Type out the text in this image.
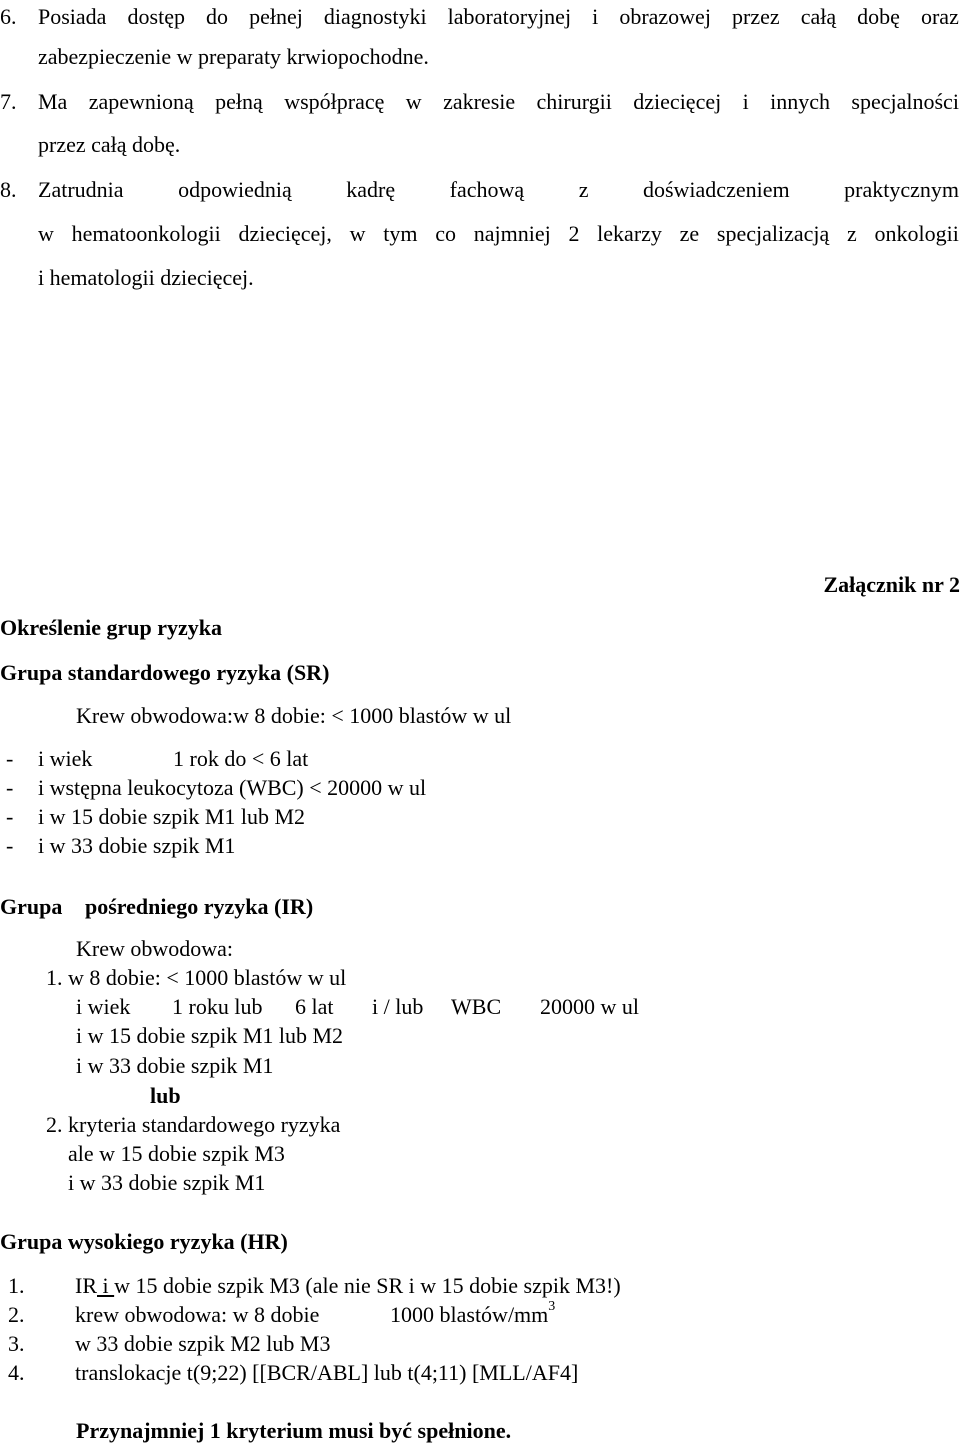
6. Posiada dostęp do pełnej diagnostyki laboratoryjnej i obrazowej przez całą dobę oraz
zabezpieczenie w preparaty krwiopochodne.
7. Ma zapewnioną pełną współpracę w zakresie chirurgii dziecięcej i innych specjalności
przez całą dobę.
8. Zatrudnia odpowiednią kadrę fachową z doświadczeniem praktycznym
w hematoonkologii dziecięcej, w tym co najmniej 2 lekarzy ze specjalizacją z onkologii
i hematologii dziecięcej.
Załącznik nr 2
Określenie grup ryzyka
Grupa standardowego ryzyka (SR)
Krew obwodowa:w 8 dobie: < 1000 blastów w ul
- i wiek	1 rok do < 6 lat
- i wstępna leukocytoza (WBC) < 20000 w ul
- i w 15 dobie szpik M1 lub M2
- i w 33 dobie szpik M1
Grupa pośredniego ryzyka (IR)
Krew obwodowa:
1. w 8 dobie: < 1000 blastów w ul
i wiek 1 roku lub 6 lat i / lub WBC 20000 w ul
i w 15 dobie szpik M1 lub M2
i w 33 dobie szpik M1
lub
2. kryteria standardowego ryzyka
ale w 15 dobie szpik M3
i w 33 dobie szpik M1
Grupa wysokiego ryzyka (HR)
1. IR i w 15 dobie szpik M3 (ale nie SR i w 15 dobie szpik M3!)
2. krew obwodowa: w 8 dobie	1000 blastów/$mm^3$
3. w 33 dobie szpik M2 lub M3
4. translokacje t(9;22) [[BCR/ABL] lub t(4;11) [MLL/AF4]
Przynajmniej 1 kryterium musi być spełnione.
